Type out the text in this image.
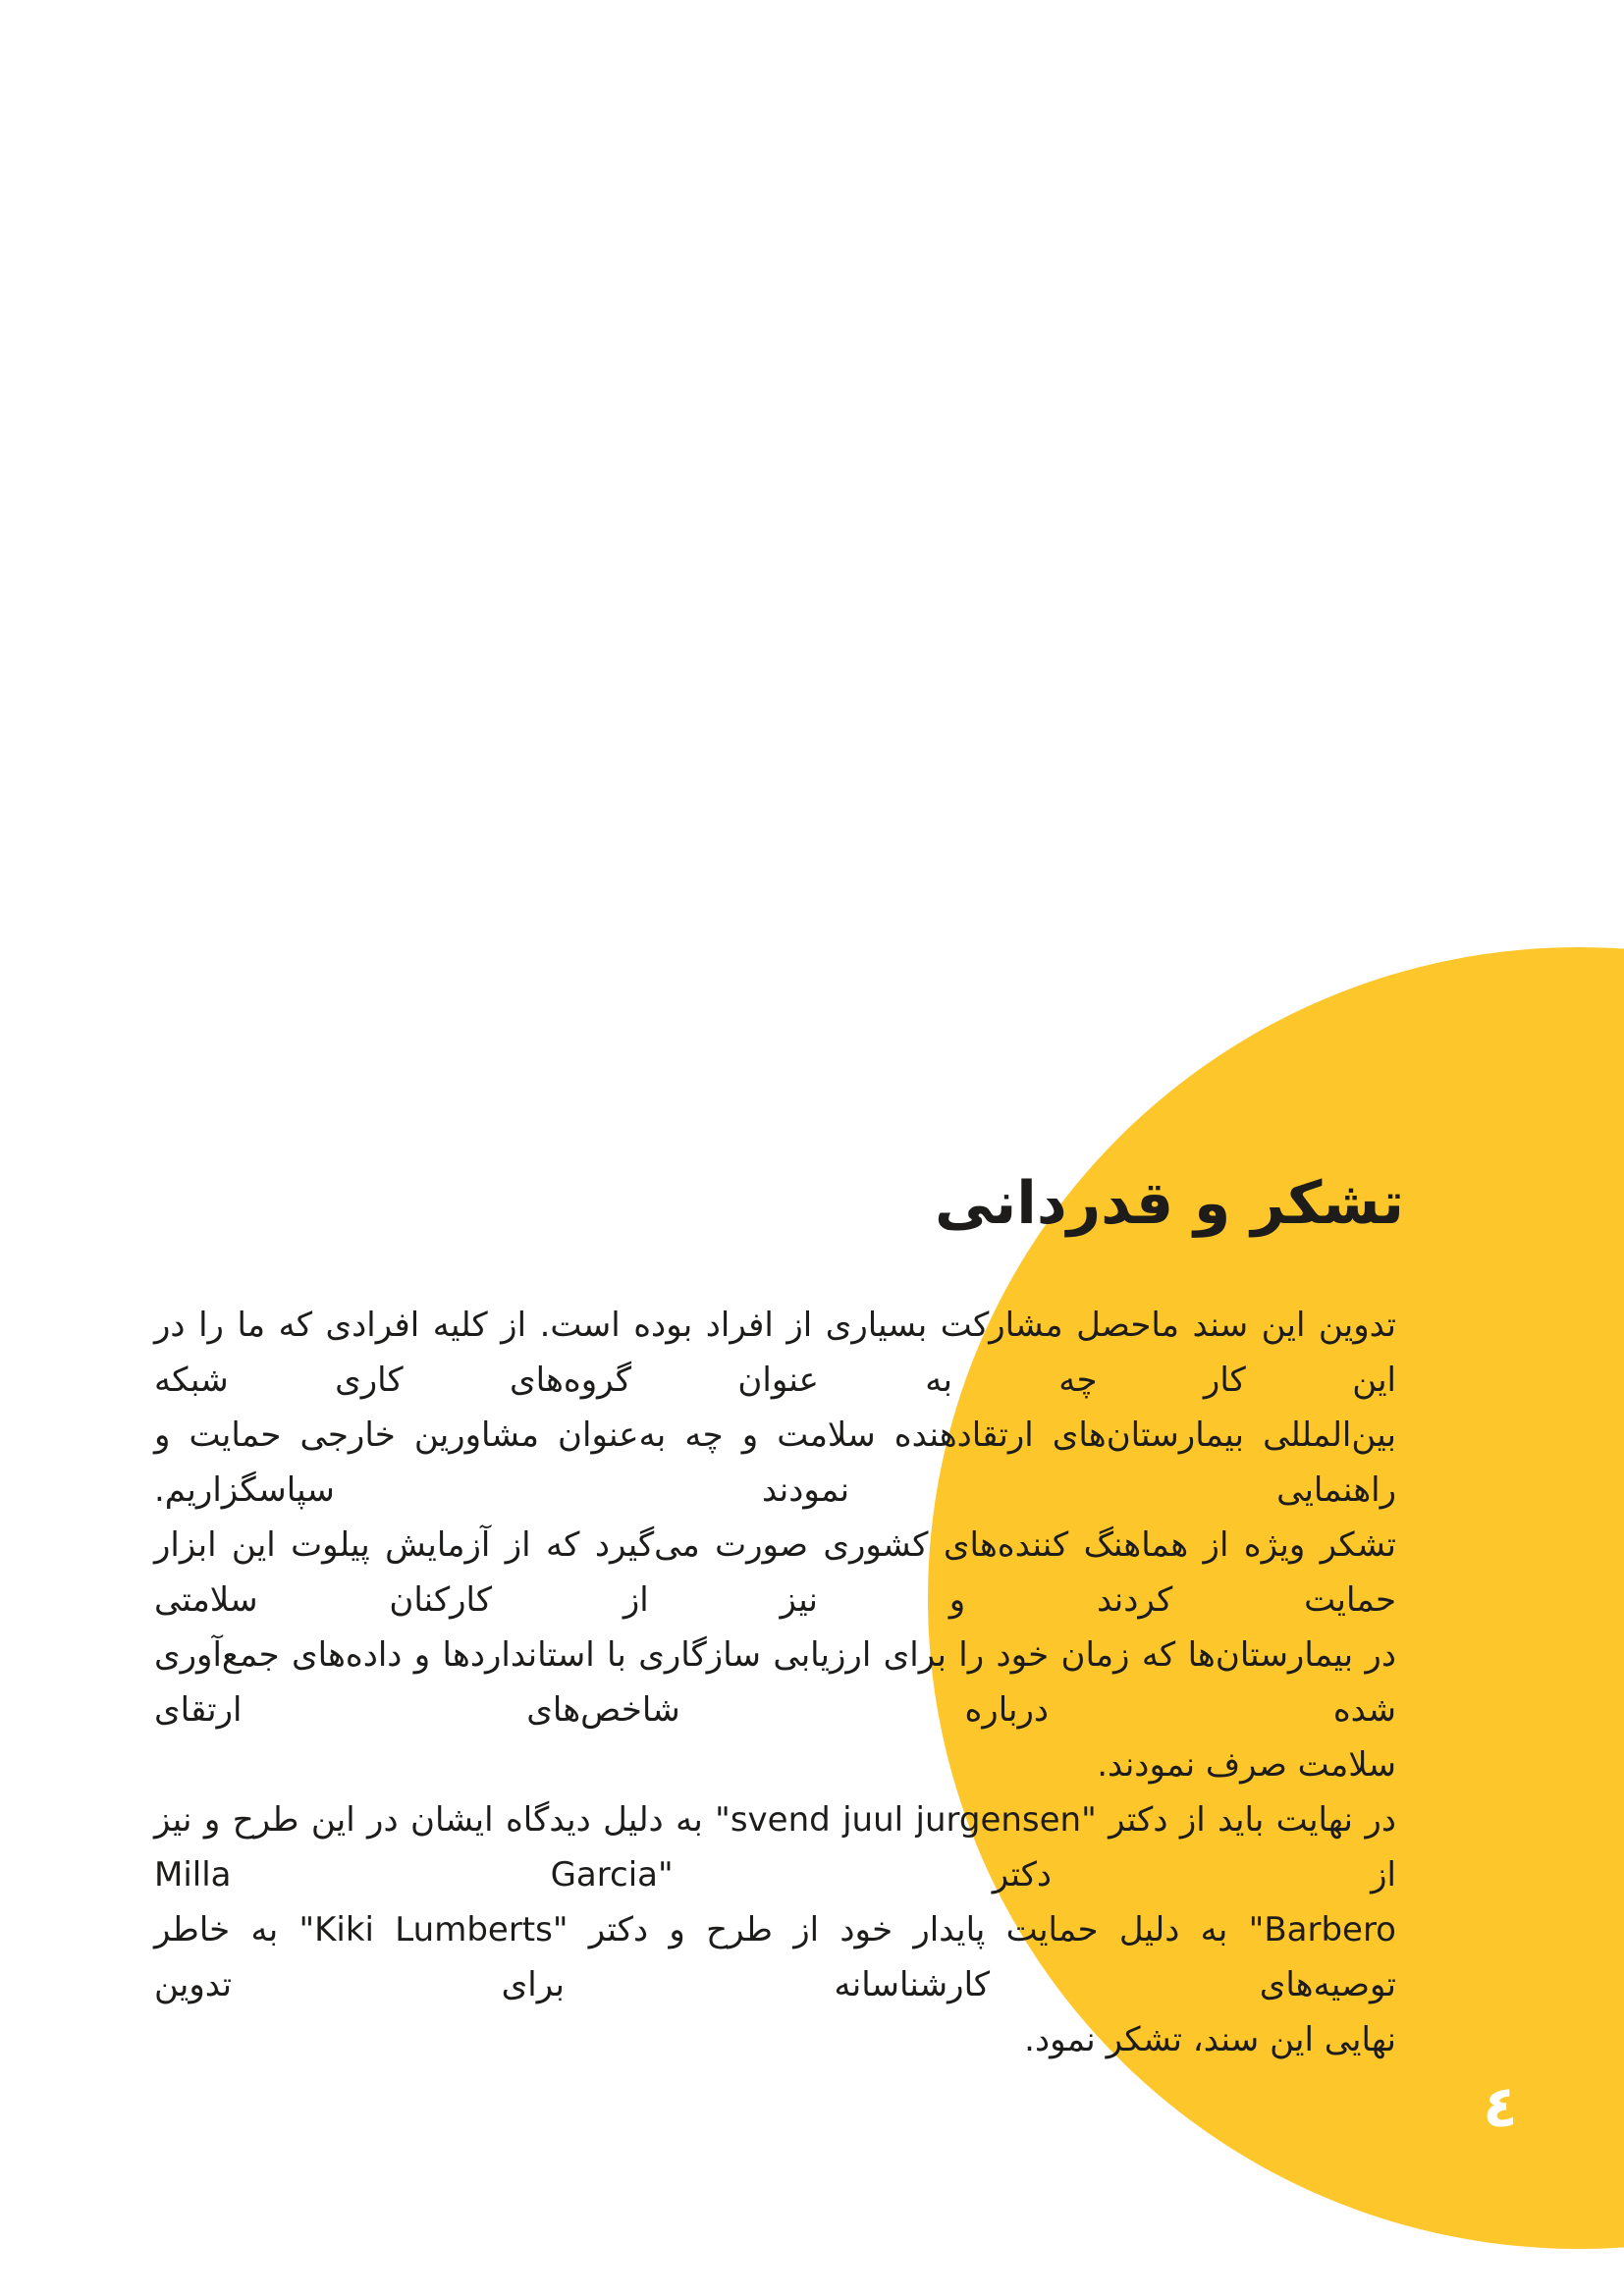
تشکر و قدردانی

تدوین این سند ماحصل مشارکت بسیاری از افراد بوده است. از کلیه افرادی که ما را در این کار چه به عنوان گروه‌های کاری شبکه
بین‌المللی بیمارستان‌های ارتقادهنده سلامت و چه به‌عنوان مشاورین خارجی حمایت و راهنمایی نمودند سپاسگزاریم.

تشکر ویژه از هماهنگ کننده‌های کشوری صورت می‌گیرد که از آزمایش پیلوت این ابزار حمایت کردند و نیز از کارکنان سلامتی
در بیمارستان‌ها که زمان خود را برای ارزیابی سازگاری با استانداردها و داده‌های جمع‌آوری شده درباره شاخص‌های ارتقای
سلامت صرف نمودند.

در نهایت باید از دکتر "svend juul jurgensen" به دلیل دیدگاه ایشان در این طرح و نیز از دکتر "Milla Garcia
Barbero" به دلیل حمایت پایدار خود از طرح و دکتر "Kiki Lumberts" به خاطر توصیه‌های کارشناسانه برای تدوین
نهایی این سند، تشکر نمود.

٤
